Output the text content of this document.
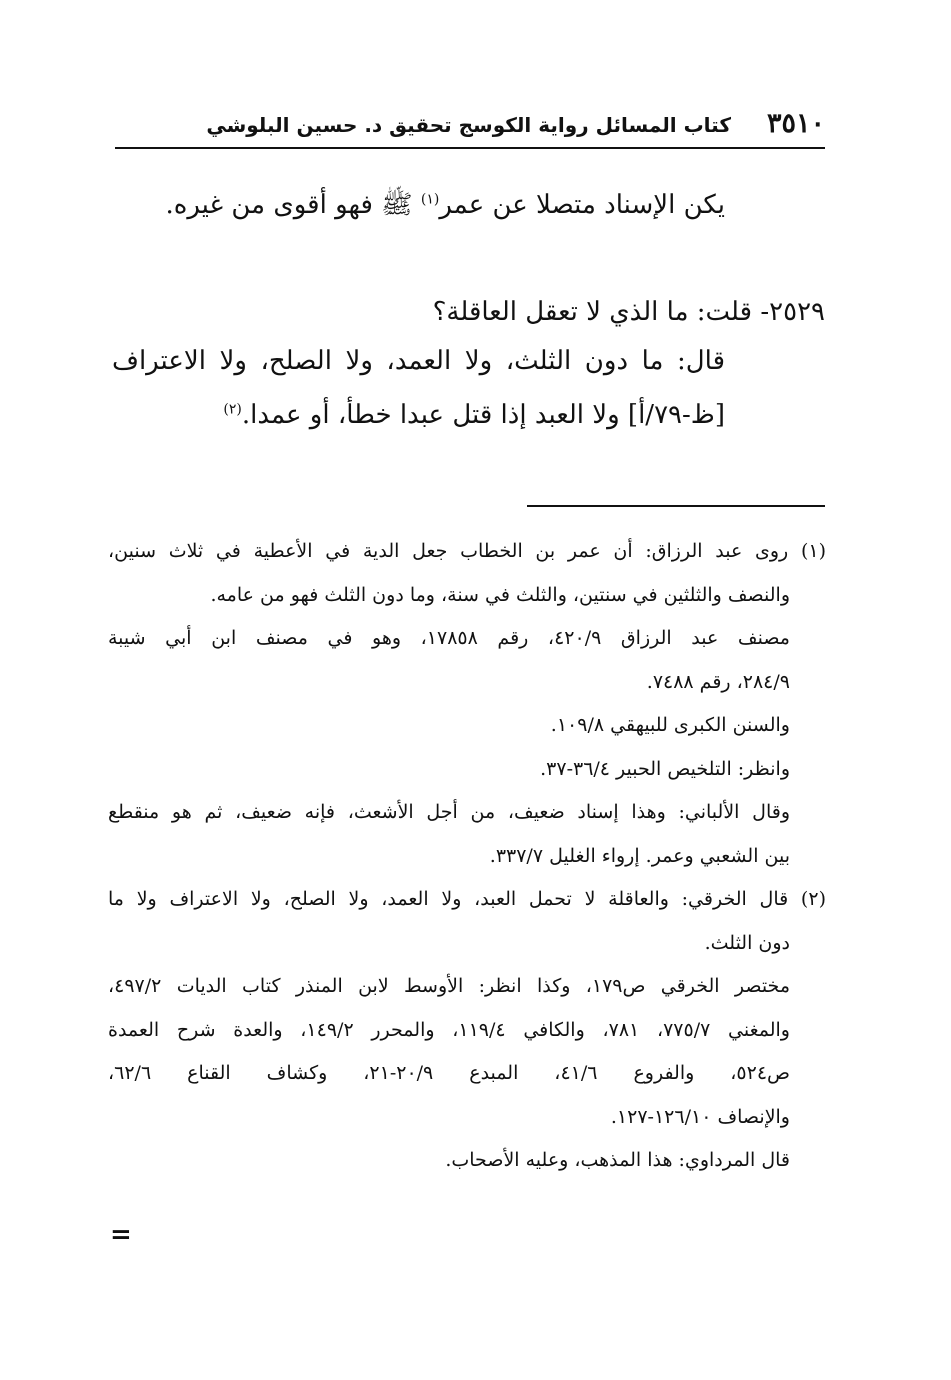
٣٥١٠
كتاب المسائل رواية الكوسج تحقيق د. حسين البلوشي
يكن الإسناد متصلا عن عمر$^{(١)}$ ﷺ فهو أقوى من غيره.
٢٥٢٩- قلت: ما الذي لا تعقل العاقلة؟
قال: ما دون الثلث، ولا العمد، ولا الصلح، ولا الاعتراف
[ظ-٧٩/أ] ولا العبد إذا قتل عبدا خطأ، أو عمدا.$^{(٢)}$
(١) روى عبد الرزاق: أن عمر بن الخطاب جعل الدية في الأعطية في ثلاث سنين،
والنصف والثلثين في سنتين، والثلث في سنة، وما دون الثلث فهو من عامه.
مصنف عبد الرزاق ٤٢٠/٩، رقم ١٧٨٥٨، وهو في مصنف ابن أبي شيبة
٢٨٤/٩، رقم ٧٤٨٨.
والسنن الكبرى للبيهقي ١٠٩/٨.
وانظر: التلخيص الحبير ٣٦/٤-٣٧.
وقال الألباني: وهذا إسناد ضعيف، من أجل الأشعث، فإنه ضعيف، ثم هو منقطع
بين الشعبي وعمر. إرواء الغليل ٣٣٧/٧.
(٢) قال الخرقي: والعاقلة لا تحمل العبد، ولا العمد، ولا الصلح، ولا الاعتراف ولا ما
دون الثلث.
مختصر الخرقي ص١٧٩، وكذا انظر: الأوسط لابن المنذر كتاب الديات ٤٩٧/٢،
والمغني ٧٧٥/٧، ٧٨١، والكافي ١١٩/٤، والمحرر ١٤٩/٢، والعدة شرح العمدة
ص٥٢٤، والفروع ٤١/٦، المبدع ٢٠/٩-٢١، وكشاف القناع ٦٢/٦،
والإنصاف ١٢٦/١٠-١٢٧.
قال المرداوي: هذا المذهب، وعليه الأصحاب.
=
